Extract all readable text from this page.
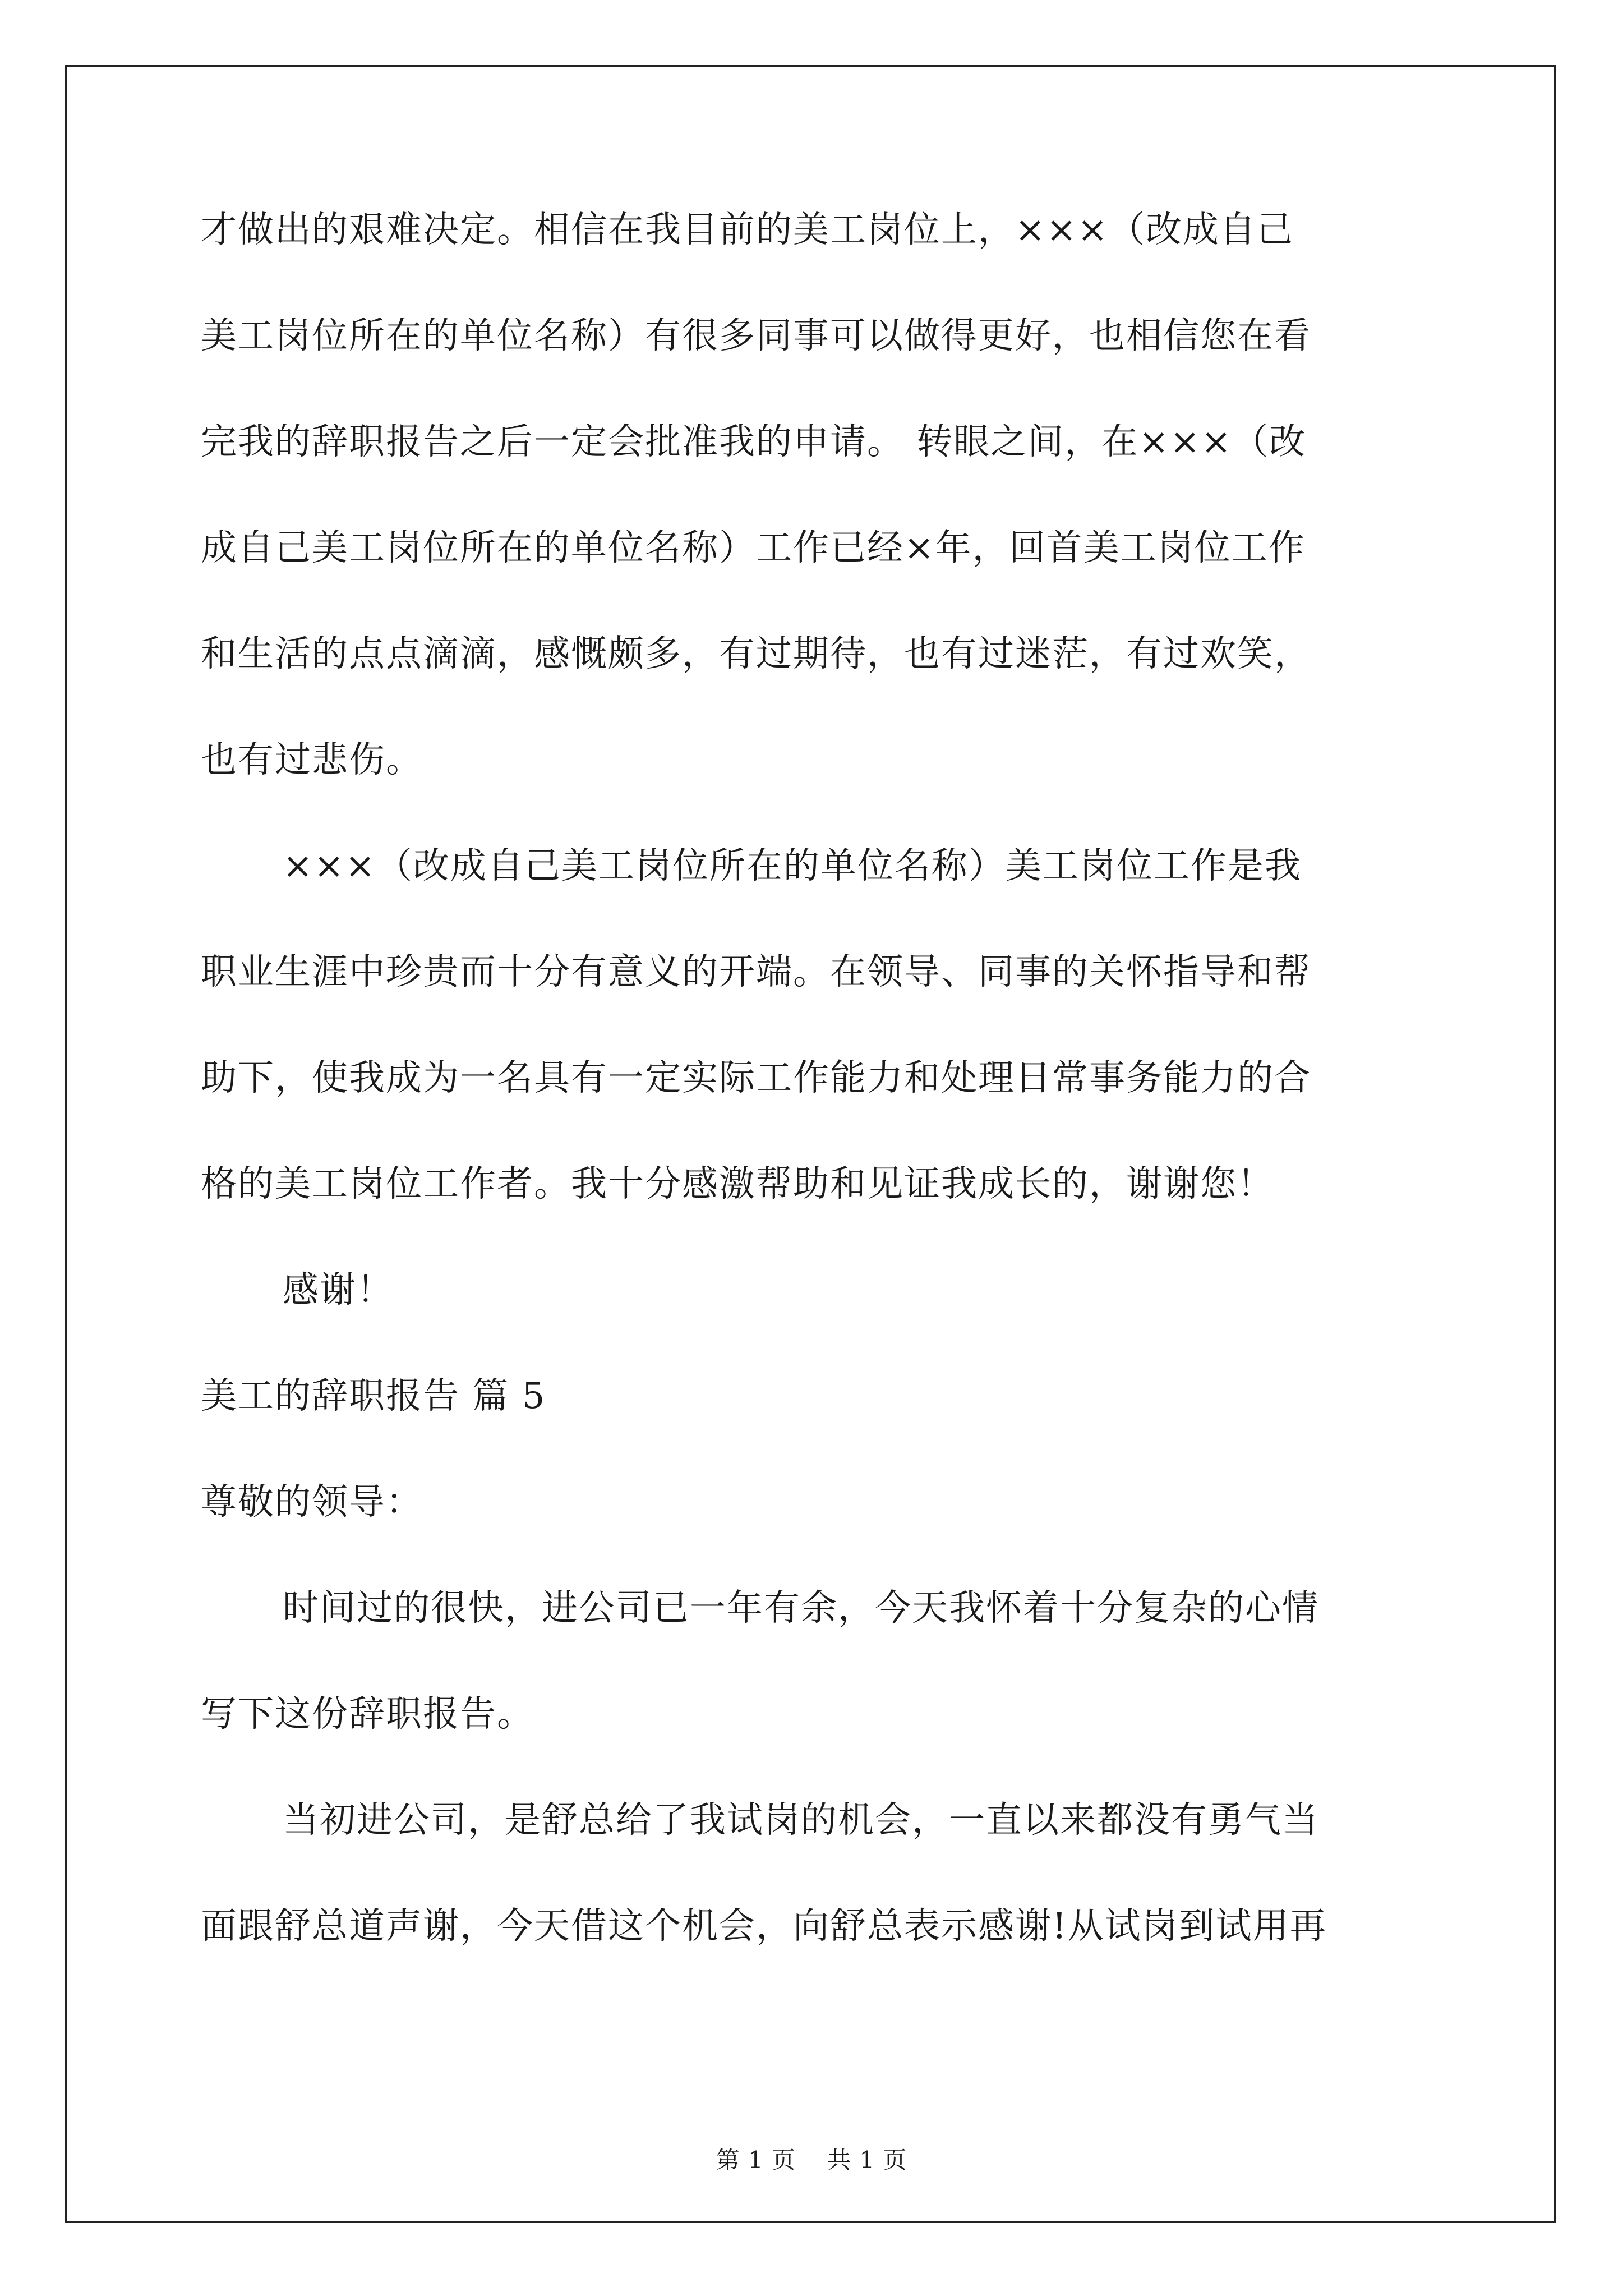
才做出的艰难决定。相信在我目前的美工岗位上，×××（改成自己
美工岗位所在的单位名称）有很多同事可以做得更好，也相信您在看
完我的辞职报告之后一定会批准我的申请。 转眼之间，在×××（改
成自己美工岗位所在的单位名称）工作已经×年，回首美工岗位工作
和生活的点点滴滴，感慨颇多，有过期待，也有过迷茫，有过欢笑，
也有过悲伤。
×××（改成自己美工岗位所在的单位名称）美工岗位工作是我
职业生涯中珍贵而十分有意义的开端。在领导、同事的关怀指导和帮
助下，使我成为一名具有一定实际工作能力和处理日常事务能力的合
格的美工岗位工作者。我十分感激帮助和见证我成长的，谢谢您！
感谢！
美工的辞职报告 篇 5
尊敬的领导：
时间过的很快，进公司已一年有余，今天我怀着十分复杂的心情
写下这份辞职报告。
当初进公司，是舒总给了我试岗的机会，一直以来都没有勇气当
面跟舒总道声谢，今天借这个机会，向舒总表示感谢!从试岗到试用再
第 1 页 共 1 页
